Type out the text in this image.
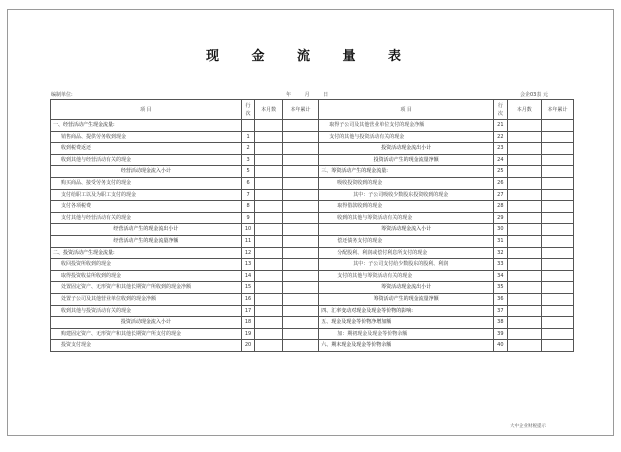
现 金 流 量 表
编制单位:	年 月 日	会企03表 元
项 目	行次	本月数	本年累计	项 目	行次	本月数	本年累计
一、经营活动产生现金流量:				取得子公司及其他营业单位支付的现金净额	21		
销售商品、提供劳务收到现金	1			支付的其他与投资活动有关的现金	22		
收到税费返还	2			投资活动现金流出小计	23		
收到其他与经营活动有关的现金	3			投资活动产生的现金流量净额	24		
经营活动现金流入小计	5			三、筹资活动产生的现金流量:	25		
购买商品、接受劳务支付的现金	6			吸收投资收到的现金	26		
支付给职工以及为职工支付的现金	7			其中：子公司吸收少数股东投资收到的现金	27		
支付各项税费	8			取得借款收到的现金	28		
支付其他与经营活动有关的现金	9			收到的其他与筹资活动有关的现金	29		
经营活动产生的现金流出小计	10			筹资活动现金流入小计	30		
经营活动产生的现金流量净额	11			偿还债务支付的现金	31		
二、投资活动产生现金流量:	12			分配股利、利润或偿付利息所支付的现金	32		
收回投资所收到的现金	13			其中：子公司支付给少数股东的股利、利润	33		
取得投资收益所收到的现金	14			支付的其他与筹资活动有关的现金	34		
处置固定资产、无形资产和其他长期资产所收到的现金净额	15			筹资活动现金流出小计	35		
处置子公司及其他营业单位收到的现金净额	16			筹资活动产生的现金流量净额	36		
收到其他与投资活动有关的现金	17			四、汇率变动对现金及现金等价物的影响:	37		
投资活动现金流入小计	18			五、现金及现金等价物净增加额	38		
购建固定资产、无形资产和其他长期资产所支付的现金	19			加：期初现金及现金等价物余额	39		
投资支付现金	20			六、期末现金及现金等价物余额	40		
大中企业财税提示
